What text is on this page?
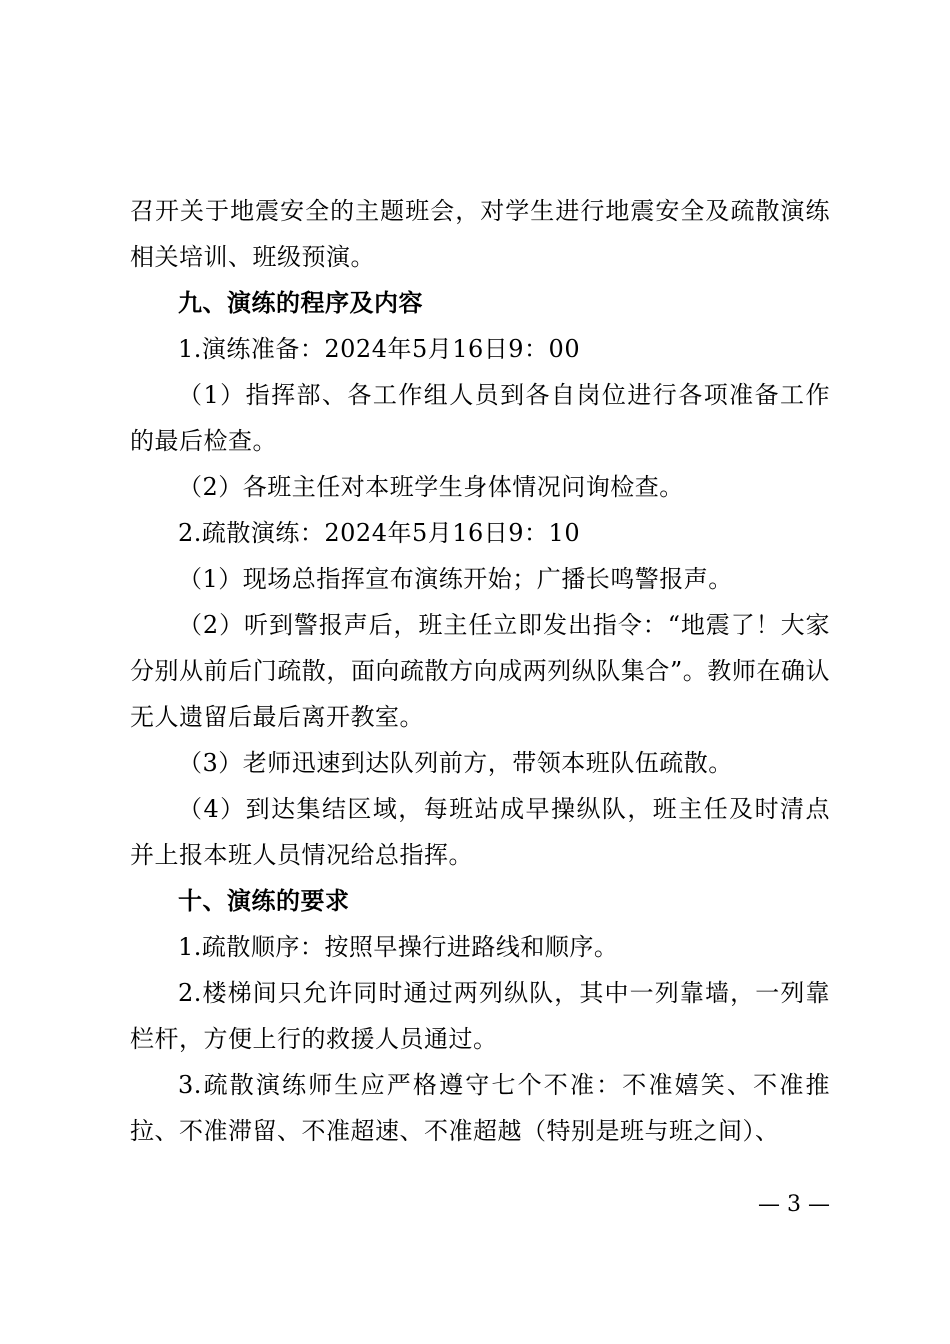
召开关于地震安全的主题班会，对学生进行地震安全及疏散演练相关培训、班级预演。

九、演练的程序及内容

1.演练准备：2024年5月16日9：00

（1）指挥部、各工作组人员到各自岗位进行各项准备工作的最后检查。

（2）各班主任对本班学生身体情况问询检查。

2.疏散演练：2024年5月16日9：10

（1）现场总指挥宣布演练开始；广播长鸣警报声。

（2）听到警报声后，班主任立即发出指令：“地震了！大家分别从前后门疏散，面向疏散方向成两列纵队集合”。教师在确认无人遗留后最后离开教室。

（3）老师迅速到达队列前方，带领本班队伍疏散。

（4）到达集结区域，每班站成早操纵队，班主任及时清点并上报本班人员情况给总指挥。

十、演练的要求

1.疏散顺序：按照早操行进路线和顺序。

2.楼梯间只允许同时通过两列纵队，其中一列靠墙，一列靠栏杆，方便上行的救援人员通过。

3.疏散演练师生应严格遵守七个不准：不准嬉笑、不准推拉、不准滞留、不准超速、不准超越（特别是班与班之间）、

— 3 —
